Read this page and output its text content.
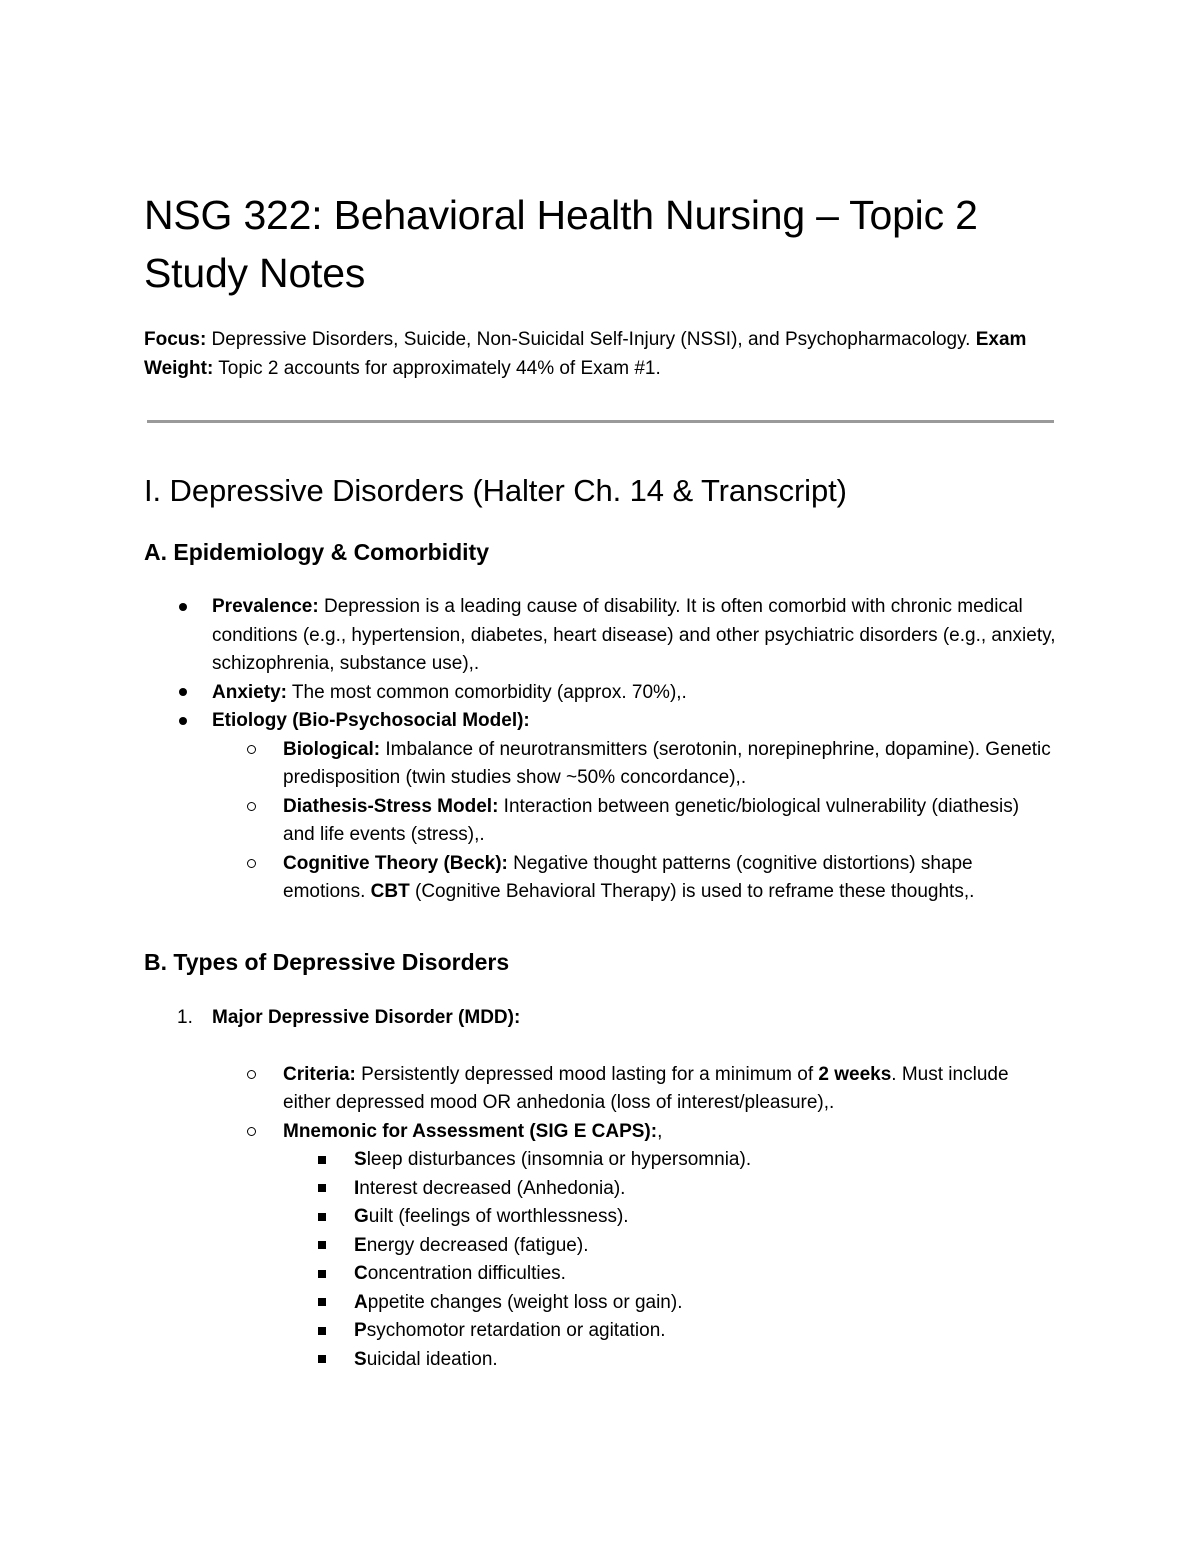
NSG 322: Behavioral Health Nursing – Topic 2 Study Notes

Focus: Depressive Disorders, Suicide, Non-Suicidal Self-Injury (NSSI), and Psychopharmacology. Exam Weight: Topic 2 accounts for approximately 44% of Exam #1.

I. Depressive Disorders (Halter Ch. 14 & Transcript)
A. Epidemiology & Comorbidity
Prevalence: Depression is a leading cause of disability. It is often comorbid with chronic medical conditions (e.g., hypertension, diabetes, heart disease) and other psychiatric disorders (e.g., anxiety, schizophrenia, substance use),.
Anxiety: The most common comorbidity (approx. 70%),.
Etiology (Bio-Psychosocial Model):
Biological: Imbalance of neurotransmitters (serotonin, norepinephrine, dopamine). Genetic predisposition (twin studies show ~50% concordance),.
Diathesis-Stress Model: Interaction between genetic/biological vulnerability (diathesis) and life events (stress),.
Cognitive Theory (Beck): Negative thought patterns (cognitive distortions) shape emotions. CBT (Cognitive Behavioral Therapy) is used to reframe these thoughts,.
B. Types of Depressive Disorders
1. Major Depressive Disorder (MDD):
Criteria: Persistently depressed mood lasting for a minimum of 2 weeks. Must include either depressed mood OR anhedonia (loss of interest/pleasure),.
Mnemonic for Assessment (SIG E CAPS):,
Sleep disturbances (insomnia or hypersomnia).
Interest decreased (Anhedonia).
Guilt (feelings of worthlessness).
Energy decreased (fatigue).
Concentration difficulties.
Appetite changes (weight loss or gain).
Psychomotor retardation or agitation.
Suicidal ideation.
